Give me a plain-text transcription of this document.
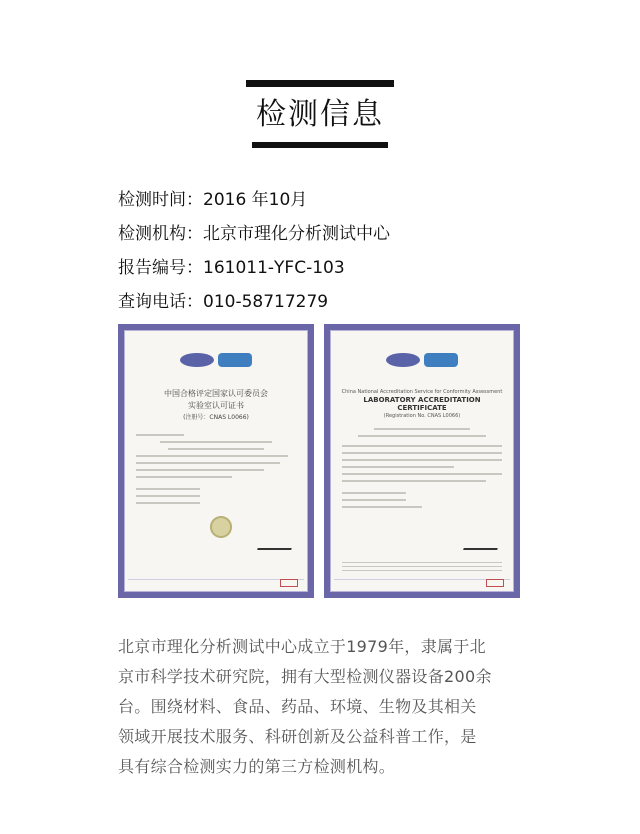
检测信息
检测时间：2016 年10月
检测机构：北京市理化分析测试中心
报告编号：161011-YFC-103
查询电话：010-58717279
中国合格评定国家认可委员会
实验室认可证书
(注册号：CNAS L0066)
China National Accreditation Service for Conformity Assessment
LABORATORY ACCREDITATION CERTIFICATE
(Registration No. CNAS L0066)
北京市理化分析测试中心成立于1979年，隶属于北
京市科学技术研究院，拥有大型检测仪器设备200余
台。围绕材料、食品、药品、环境、生物及其相关
领域开展技术服务、科研创新及公益科普工作，是
具有综合检测实力的第三方检测机构。
